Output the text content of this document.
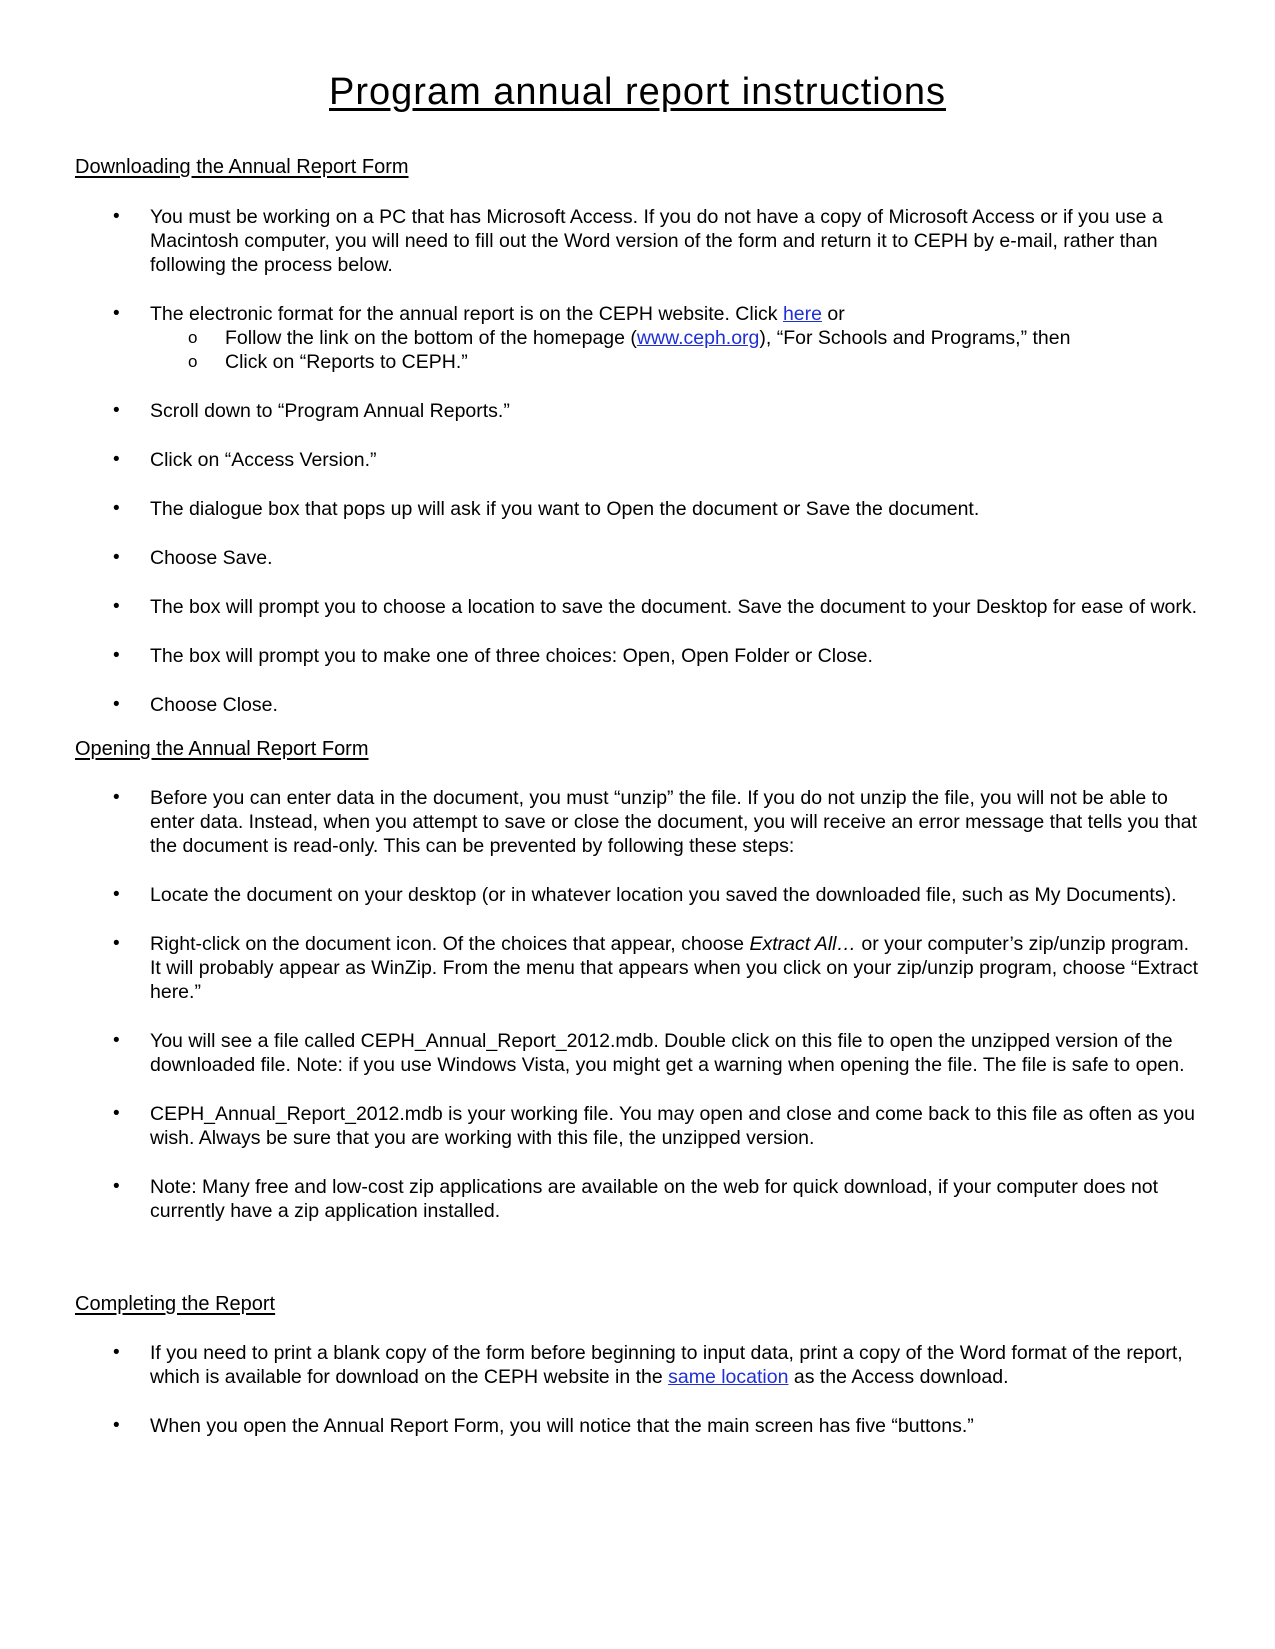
Program annual report instructions
Downloading the Annual Report Form
• You must be working on a PC that has Microsoft Access. If you do not have a copy of Microsoft Access or if you use a Macintosh computer, you will need to fill out the Word version of the form and return it to CEPH by e-mail, rather than following the process below.
• The electronic format for the annual report is on the CEPH website. Click here or
o Follow the link on the bottom of the homepage (www.ceph.org), “For Schools and Programs,” then
o Click on “Reports to CEPH.”
• Scroll down to “Program Annual Reports.”
• Click on “Access Version.”
• The dialogue box that pops up will ask if you want to Open the document or Save the document.
• Choose Save.
• The box will prompt you to choose a location to save the document. Save the document to your Desktop for ease of work.
• The box will prompt you to make one of three choices: Open, Open Folder or Close.
• Choose Close.
Opening the Annual Report Form
• Before you can enter data in the document, you must “unzip” the file. If you do not unzip the file, you will not be able to enter data. Instead, when you attempt to save or close the document, you will receive an error message that tells you that the document is read-only. This can be prevented by following these steps:
• Locate the document on your desktop (or in whatever location you saved the downloaded file, such as My Documents).
• Right-click on the document icon. Of the choices that appear, choose Extract All… or your computer’s zip/unzip program. It will probably appear as WinZip. From the menu that appears when you click on your zip/unzip program, choose “Extract here.”
• You will see a file called CEPH_Annual_Report_2012.mdb. Double click on this file to open the unzipped version of the downloaded file. Note: if you use Windows Vista, you might get a warning when opening the file. The file is safe to open.
• CEPH_Annual_Report_2012.mdb is your working file. You may open and close and come back to this file as often as you wish. Always be sure that you are working with this file, the unzipped version.
• Note: Many free and low-cost zip applications are available on the web for quick download, if your computer does not currently have a zip application installed.
Completing the Report
• If you need to print a blank copy of the form before beginning to input data, print a copy of the Word format of the report, which is available for download on the CEPH website in the same location as the Access download.
• When you open the Annual Report Form, you will notice that the main screen has five “buttons.”
